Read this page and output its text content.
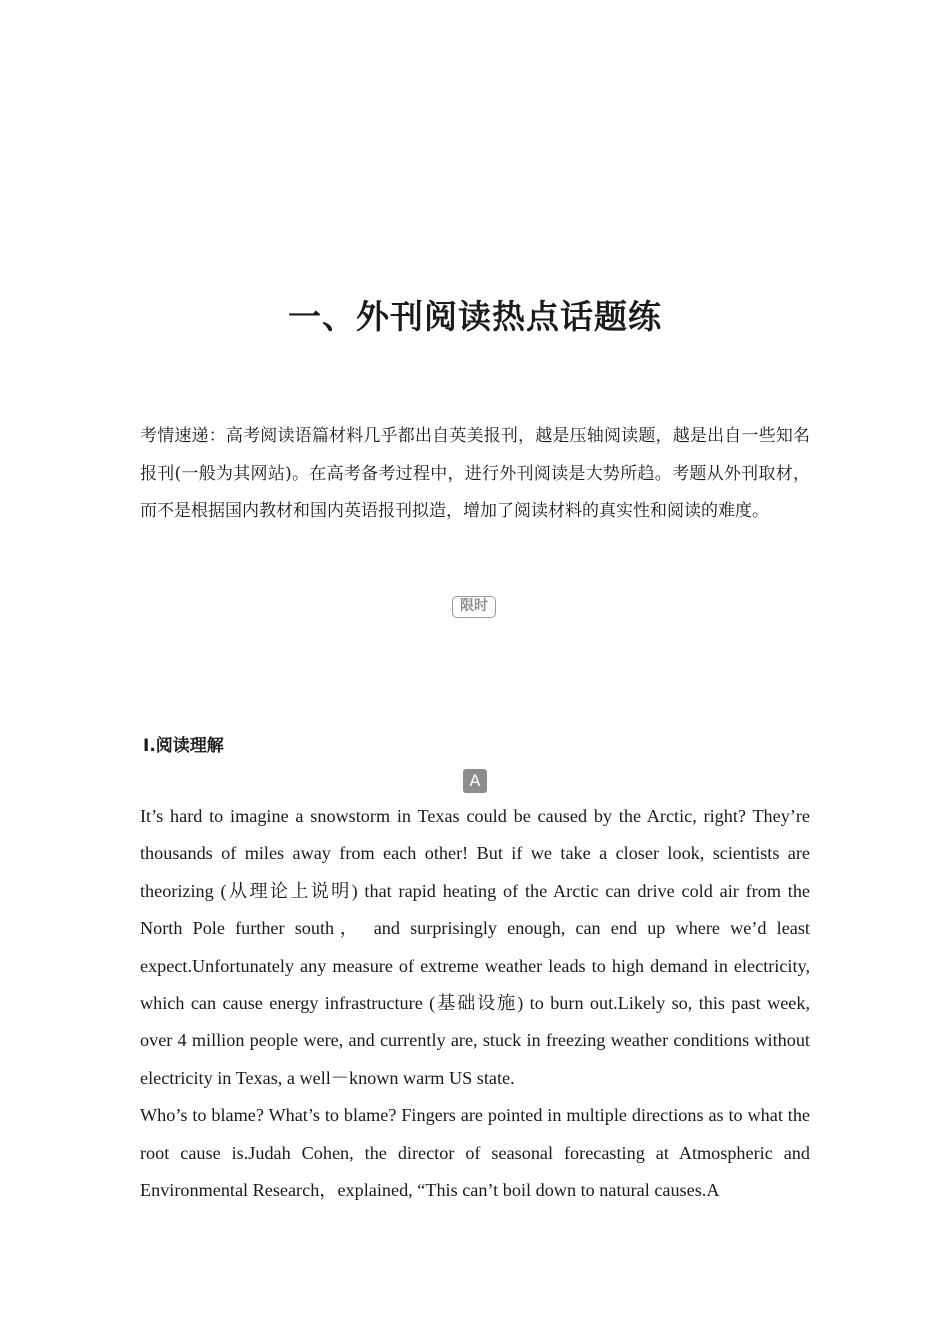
一、外刊阅读热点话题练

考情速递：高考阅读语篇材料几乎都出自英美报刊，越是压轴阅读题，越是出自一些知名报刊(一般为其网站)。在高考备考过程中，进行外刊阅读是大势所趋。考题从外刊取材，而不是根据国内教材和国内英语报刊拟造，增加了阅读材料的真实性和阅读的难度。

限时
Ⅰ.阅读理解
A

It’s hard to imagine a snowstorm in Texas could be caused by the Arctic, right? They’re thousands of miles away from each other! But if we take a closer look, scientists are theorizing (从理论上说明) that rapid heating of the Arctic can drive cold air from the North Pole further south， and surprisingly enough, can end up where we’d least expect.Unfortunately any measure of extreme weather leads to high demand in electricity, which can cause energy infrastructure (基础设施) to burn out.Likely so, this past week, over 4 million people were, and currently are, stuck in freezing weather conditions without electricity in Texas, a well－known warm US state.

Who’s to blame? What’s to blame? Fingers are pointed in multiple directions as to what the root cause is.Judah Cohen, the director of seasonal forecasting at Atmospheric and Environmental Research，explained, “This can’t boil down to natural causes.A
